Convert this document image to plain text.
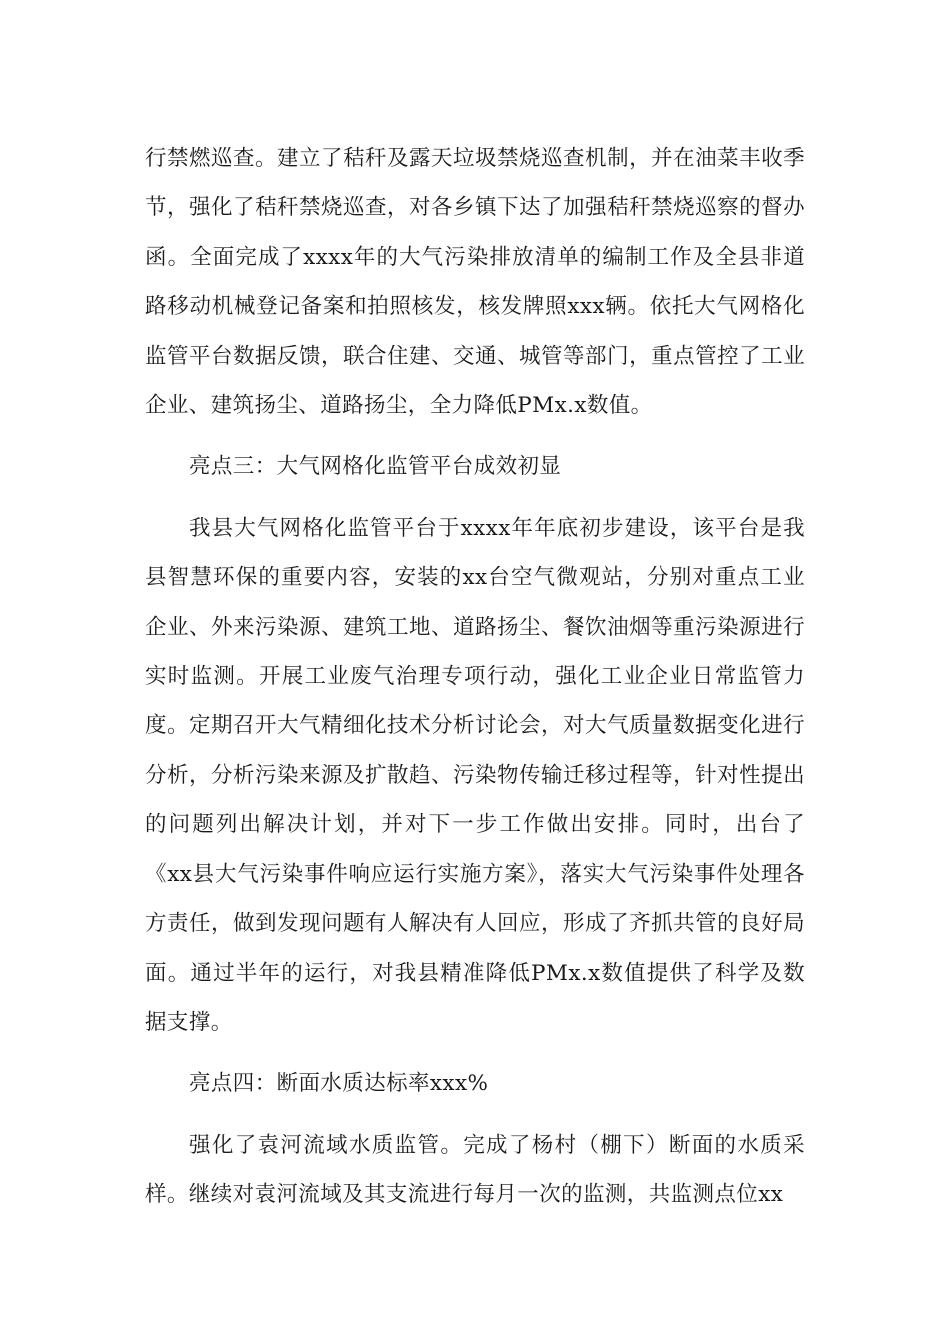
行禁燃巡查。建立了秸秆及露天垃圾禁烧巡查机制，并在油菜丰收季节，强化了秸秆禁烧巡查，对各乡镇下达了加强秸秆禁烧巡察的督办函。全面完成了xxxx年的大气污染排放清单的编制工作及全县非道路移动机械登记备案和拍照核发，核发牌照xxx辆。依托大气网格化监管平台数据反馈，联合住建、交通、城管等部门，重点管控了工业企业、建筑扬尘、道路扬尘，全力降低PMx.x数值。

亮点三：大气网格化监管平台成效初显

我县大气网格化监管平台于xxxx年年底初步建设，该平台是我县智慧环保的重要内容，安装的xx台空气微观站，分别对重点工业企业、外来污染源、建筑工地、道路扬尘、餐饮油烟等重污染源进行实时监测。开展工业废气治理专项行动，强化工业企业日常监管力度。定期召开大气精细化技术分析讨论会，对大气质量数据变化进行分析，分析污染来源及扩散趋、污染物传输迁移过程等，针对性提出的问题列出解决计划，并对下一步工作做出安排。同时，出台了《xx县大气污染事件响应运行实施方案》，落实大气污染事件处理各方责任，做到发现问题有人解决有人回应，形成了齐抓共管的良好局面。通过半年的运行，对我县精准降低PMx.x数值提供了科学及数据支撑。

亮点四：断面水质达标率xxx%

强化了袁河流域水质监管。完成了杨村（棚下）断面的水质采样。继续对袁河流域及其支流进行每月一次的监测，共监测点位xx
